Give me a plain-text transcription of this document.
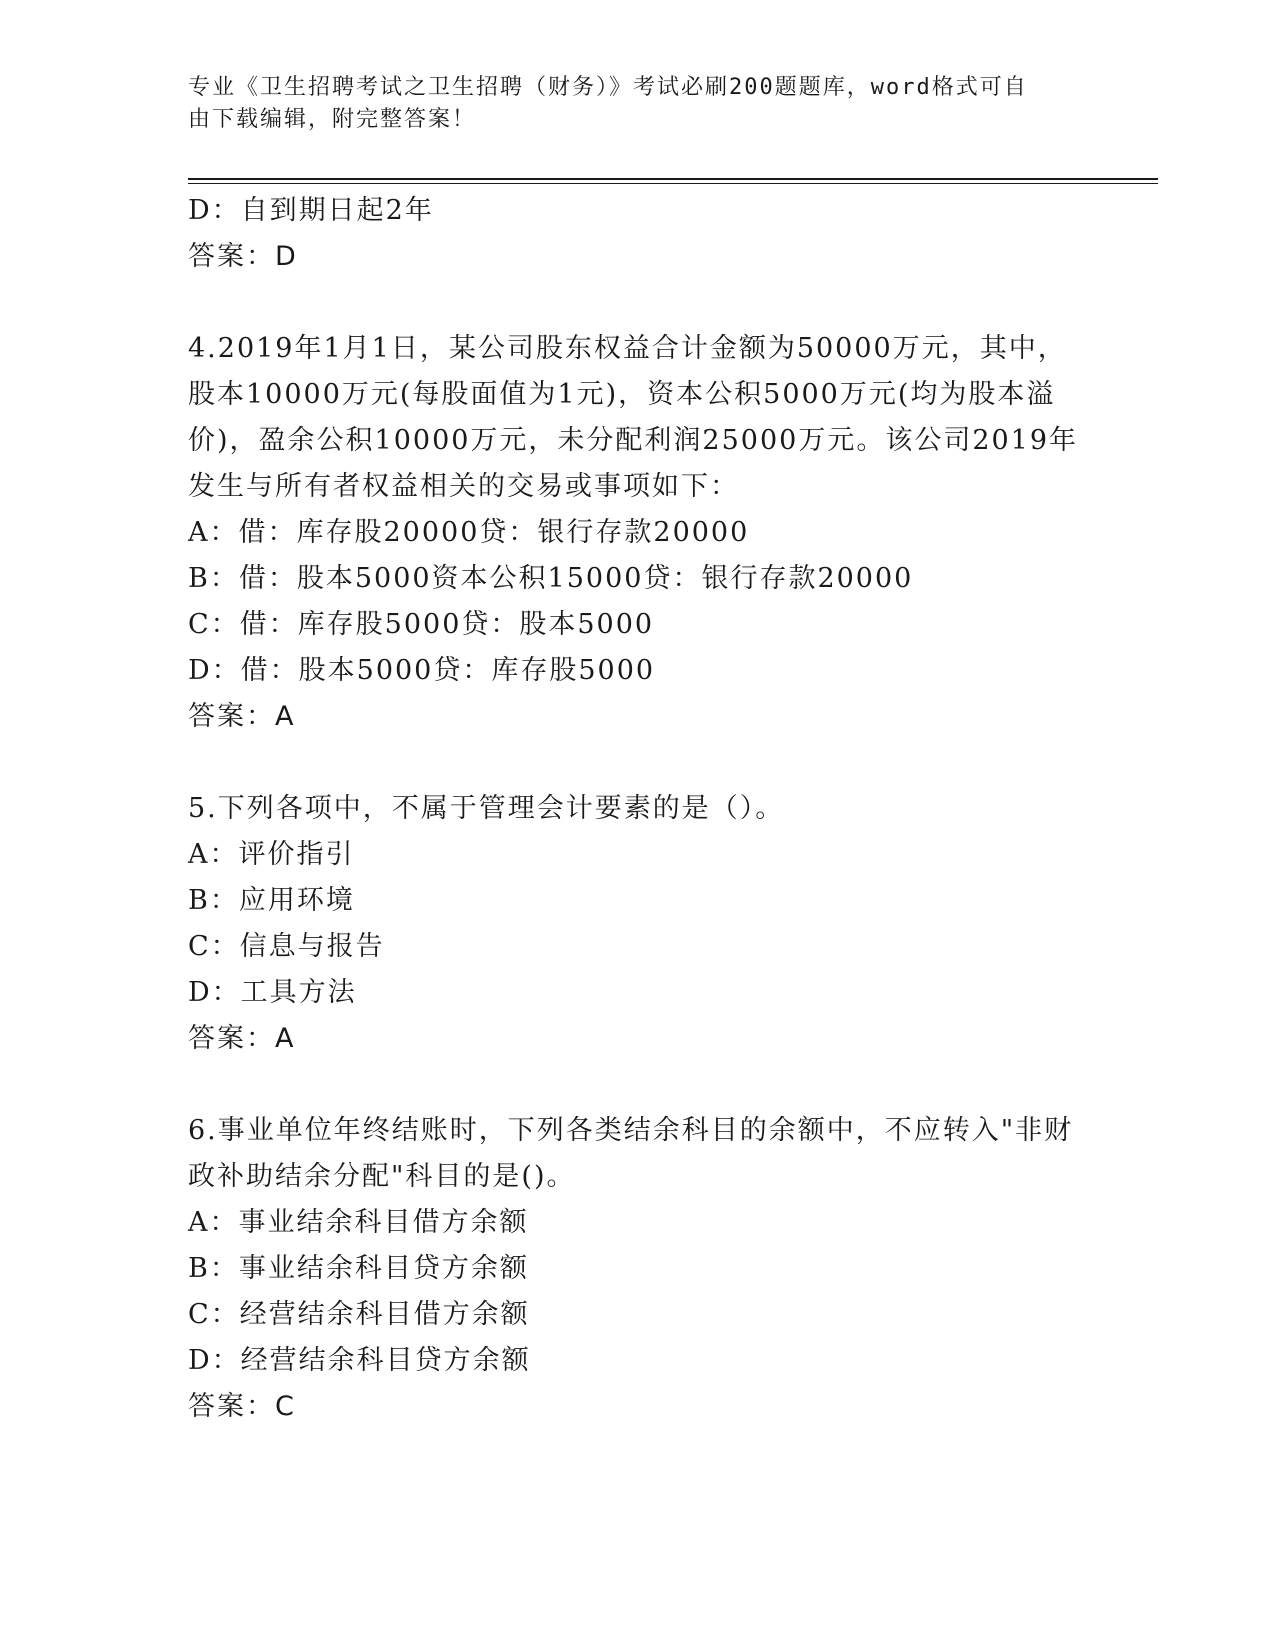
专业《卫生招聘考试之卫生招聘（财务）》考试必刷200题题库，word格式可自
由下载编辑，附完整答案！
D：自到期日起2年
答案：D
4.2019年1月1日，某公司股东权益合计金额为50000万元，其中，
股本10000万元(每股面值为1元)，资本公积5000万元(均为股本溢
价)，盈余公积10000万元，未分配利润25000万元。该公司2019年
发生与所有者权益相关的交易或事项如下：
A：借：库存股20000贷：银行存款20000
B：借：股本5000资本公积15000贷：银行存款20000
C：借：库存股5000贷：股本5000
D：借：股本5000贷：库存股5000
答案：A
5.下列各项中，不属于管理会计要素的是（）。
A：评价指引
B：应用环境
C：信息与报告
D：工具方法
答案：A
6.事业单位年终结账时，下列各类结余科目的余额中，不应转入"非财
政补助结余分配"科目的是()。
A：事业结余科目借方余额
B：事业结余科目贷方余额
C：经营结余科目借方余额
D：经营结余科目贷方余额
答案：C
